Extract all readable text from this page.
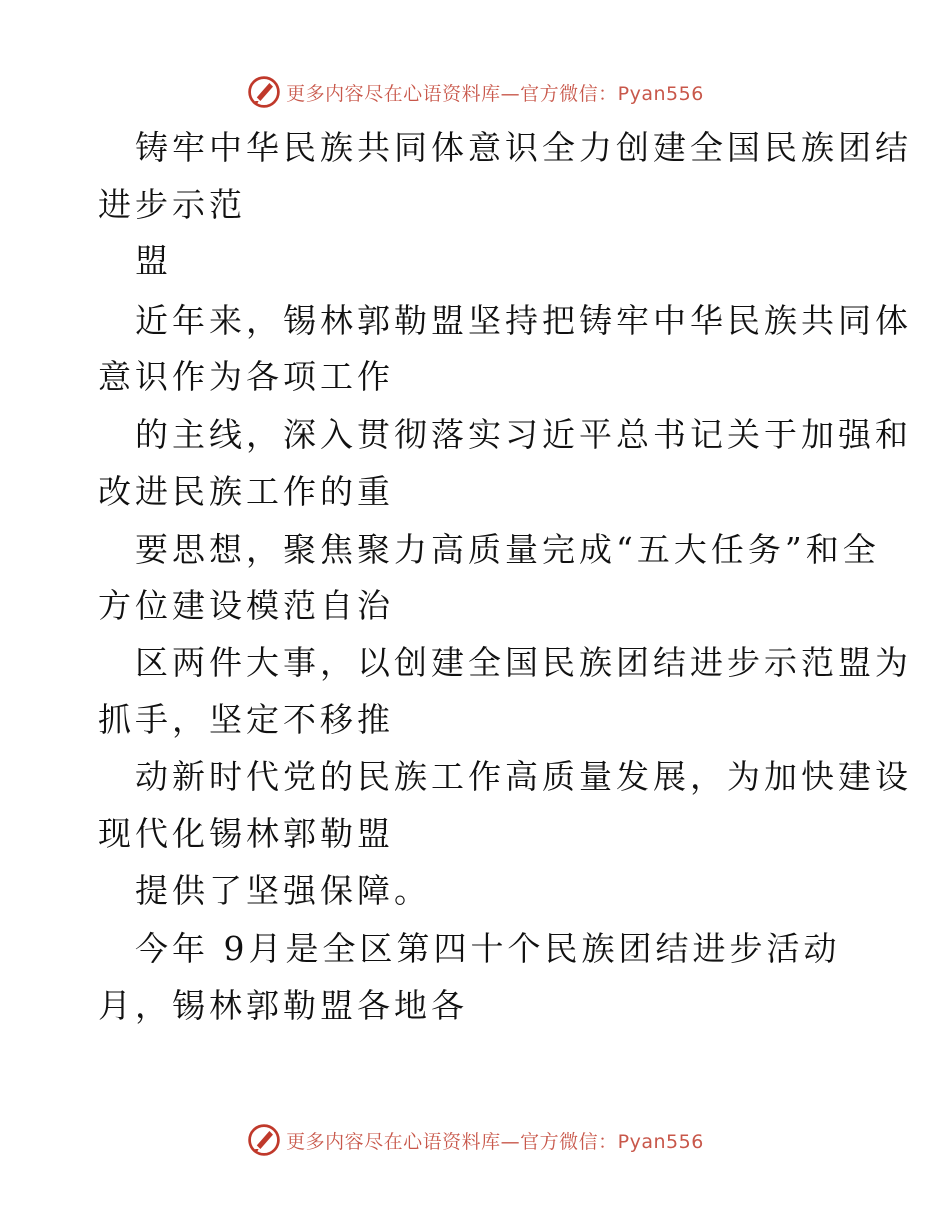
更多内容尽在心语资料库—官方微信：Pyan556
铸牢中华民族共同体意识全力创建全国民族团结
进步示范
盟
近年来，锡林郭勒盟坚持把铸牢中华民族共同体
意识作为各项工作
的主线，深入贯彻落实习近平总书记关于加强和
改进民族工作的重
要思想，聚焦聚力高质量完成“五大任务”和全
方位建设模范自治
区两件大事，以创建全国民族团结进步示范盟为
抓手，坚定不移推
动新时代党的民族工作高质量发展，为加快建设
现代化锡林郭勒盟
提供了坚强保障。
今年 9月是全区第四十个民族团结进步活动
月，锡林郭勒盟各地各
更多内容尽在心语资料库—官方微信：Pyan556
